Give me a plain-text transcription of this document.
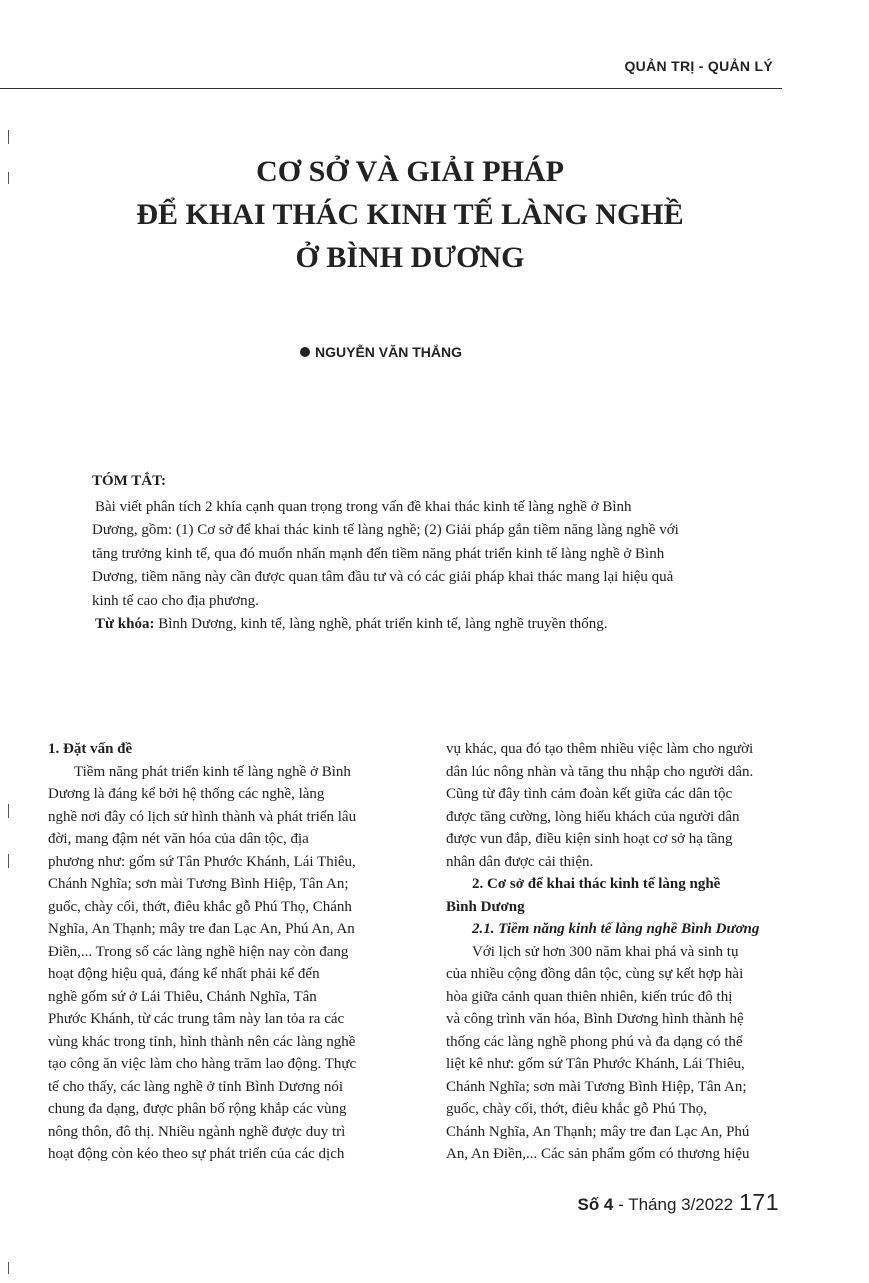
QUẢN TRỊ - QUẢN LÝ
CƠ SỞ VÀ GIẢI PHÁP
ĐỂ KHAI THÁC KINH TẾ LÀNG NGHỀ
Ở BÌNH DƯƠNG
NGUYỄN VĂN THẮNG
TÓM TẮT:
Bài viết phân tích 2 khía cạnh quan trọng trong vấn đề khai thác kinh tế làng nghề ở Bình
Dương, gồm: (1) Cơ sở để khai thác kinh tế làng nghề; (2) Giải pháp gắn tiềm năng làng nghề với
tăng trưởng kinh tế, qua đó muốn nhấn mạnh đến tiềm năng phát triển kinh tế làng nghề ở Bình
Dương, tiềm năng này cần được quan tâm đầu tư và có các giải pháp khai thác mang lại hiệu quả
kinh tế cao cho địa phương.
Từ khóa: Bình Dương, kinh tế, làng nghề, phát triển kinh tế, làng nghề truyền thống.
1. Đặt vấn đề
Tiềm năng phát triển kinh tế làng nghề ở Bình
Dương là đáng kể bởi hệ thống các nghề, làng
nghề nơi đây có lịch sử hình thành và phát triển lâu
đời, mang đậm nét văn hóa của dân tộc, địa
phương như: gốm sứ Tân Phước Khánh, Lái Thiêu,
Chánh Nghĩa; sơn mài Tương Bình Hiệp, Tân An;
guốc, chày cối, thớt, điêu khắc gỗ Phú Thọ, Chánh
Nghĩa, An Thạnh; mây tre đan Lạc An, Phú An, An
Điền,... Trong số các làng nghề hiện nay còn đang
hoạt động hiệu quả, đáng kể nhất phải kể đến
nghề gốm sứ ở Lái Thiêu, Chánh Nghĩa, Tân
Phước Khánh, từ các trung tâm này lan tỏa ra các
vùng khác trong tỉnh, hình thành nên các làng nghề
tạo công ăn việc làm cho hàng trăm lao động. Thực
tế cho thấy, các làng nghề ở tỉnh Bình Dương nói
chung đa dạng, được phân bố rộng khắp các vùng
nông thôn, đô thị. Nhiều ngành nghề được duy trì
hoạt động còn kéo theo sự phát triển của các dịch
vụ khác, qua đó tạo thêm nhiều việc làm cho người
dân lúc nông nhàn và tăng thu nhập cho người dân.
Cũng từ đây tình cảm đoàn kết giữa các dân tộc
được tăng cường, lòng hiếu khách của người dân
được vun đắp, điều kiện sinh hoạt cơ sở hạ tầng
nhân dân được cải thiện.
2. Cơ sở để khai thác kinh tế làng nghề
Bình Dương
2.1. Tiềm năng kinh tế làng nghề Bình Dương
Với lịch sử hơn 300 năm khai phá và sinh tụ
của nhiều cộng đồng dân tộc, cùng sự kết hợp hài
hòa giữa cảnh quan thiên nhiên, kiến trúc đô thị
và công trình văn hóa, Bình Dương hình thành hệ
thống các làng nghề phong phú và đa dạng có thể
liệt kê như: gốm sứ Tân Phước Khánh, Lái Thiêu,
Chánh Nghĩa; sơn mài Tương Bình Hiệp, Tân An;
guốc, chày cối, thớt, điêu khắc gỗ Phú Thọ,
Chánh Nghĩa, An Thạnh; mây tre đan Lạc An, Phú
An, An Điền,... Các sản phẩm gốm có thương hiệu
Số 4 - Tháng 3/2022 171
